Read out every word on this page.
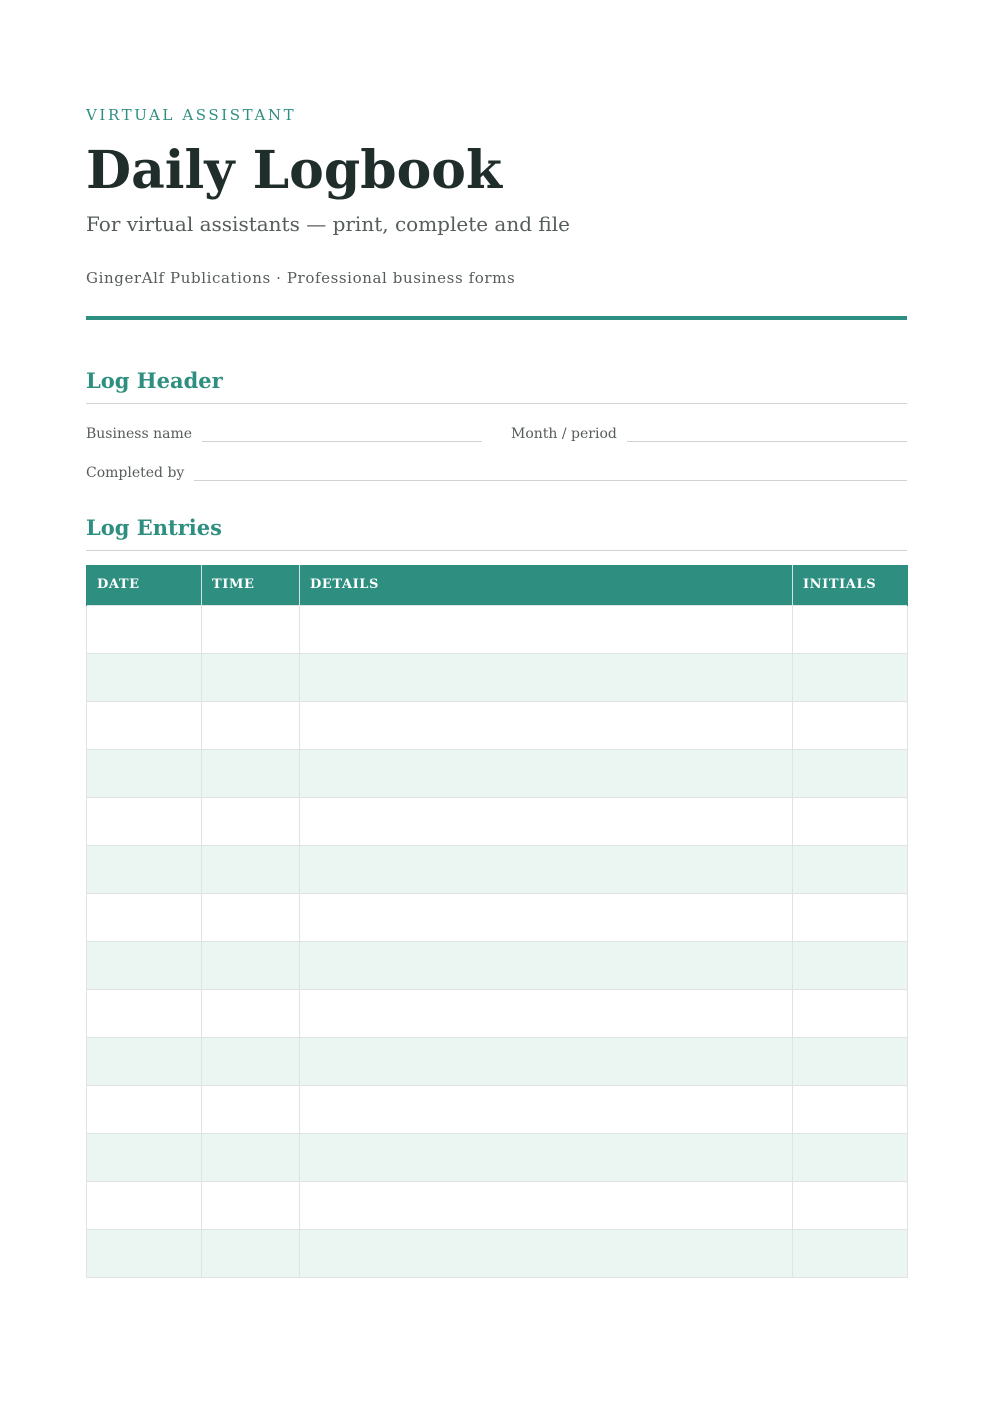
VIRTUAL ASSISTANT
Daily Logbook
For virtual assistants — print, complete and file
GingerAlf Publications · Professional business forms
Log Header
Business name	Month / period
Completed by
Log Entries
DATE	TIME	DETAILS	INITIALS
